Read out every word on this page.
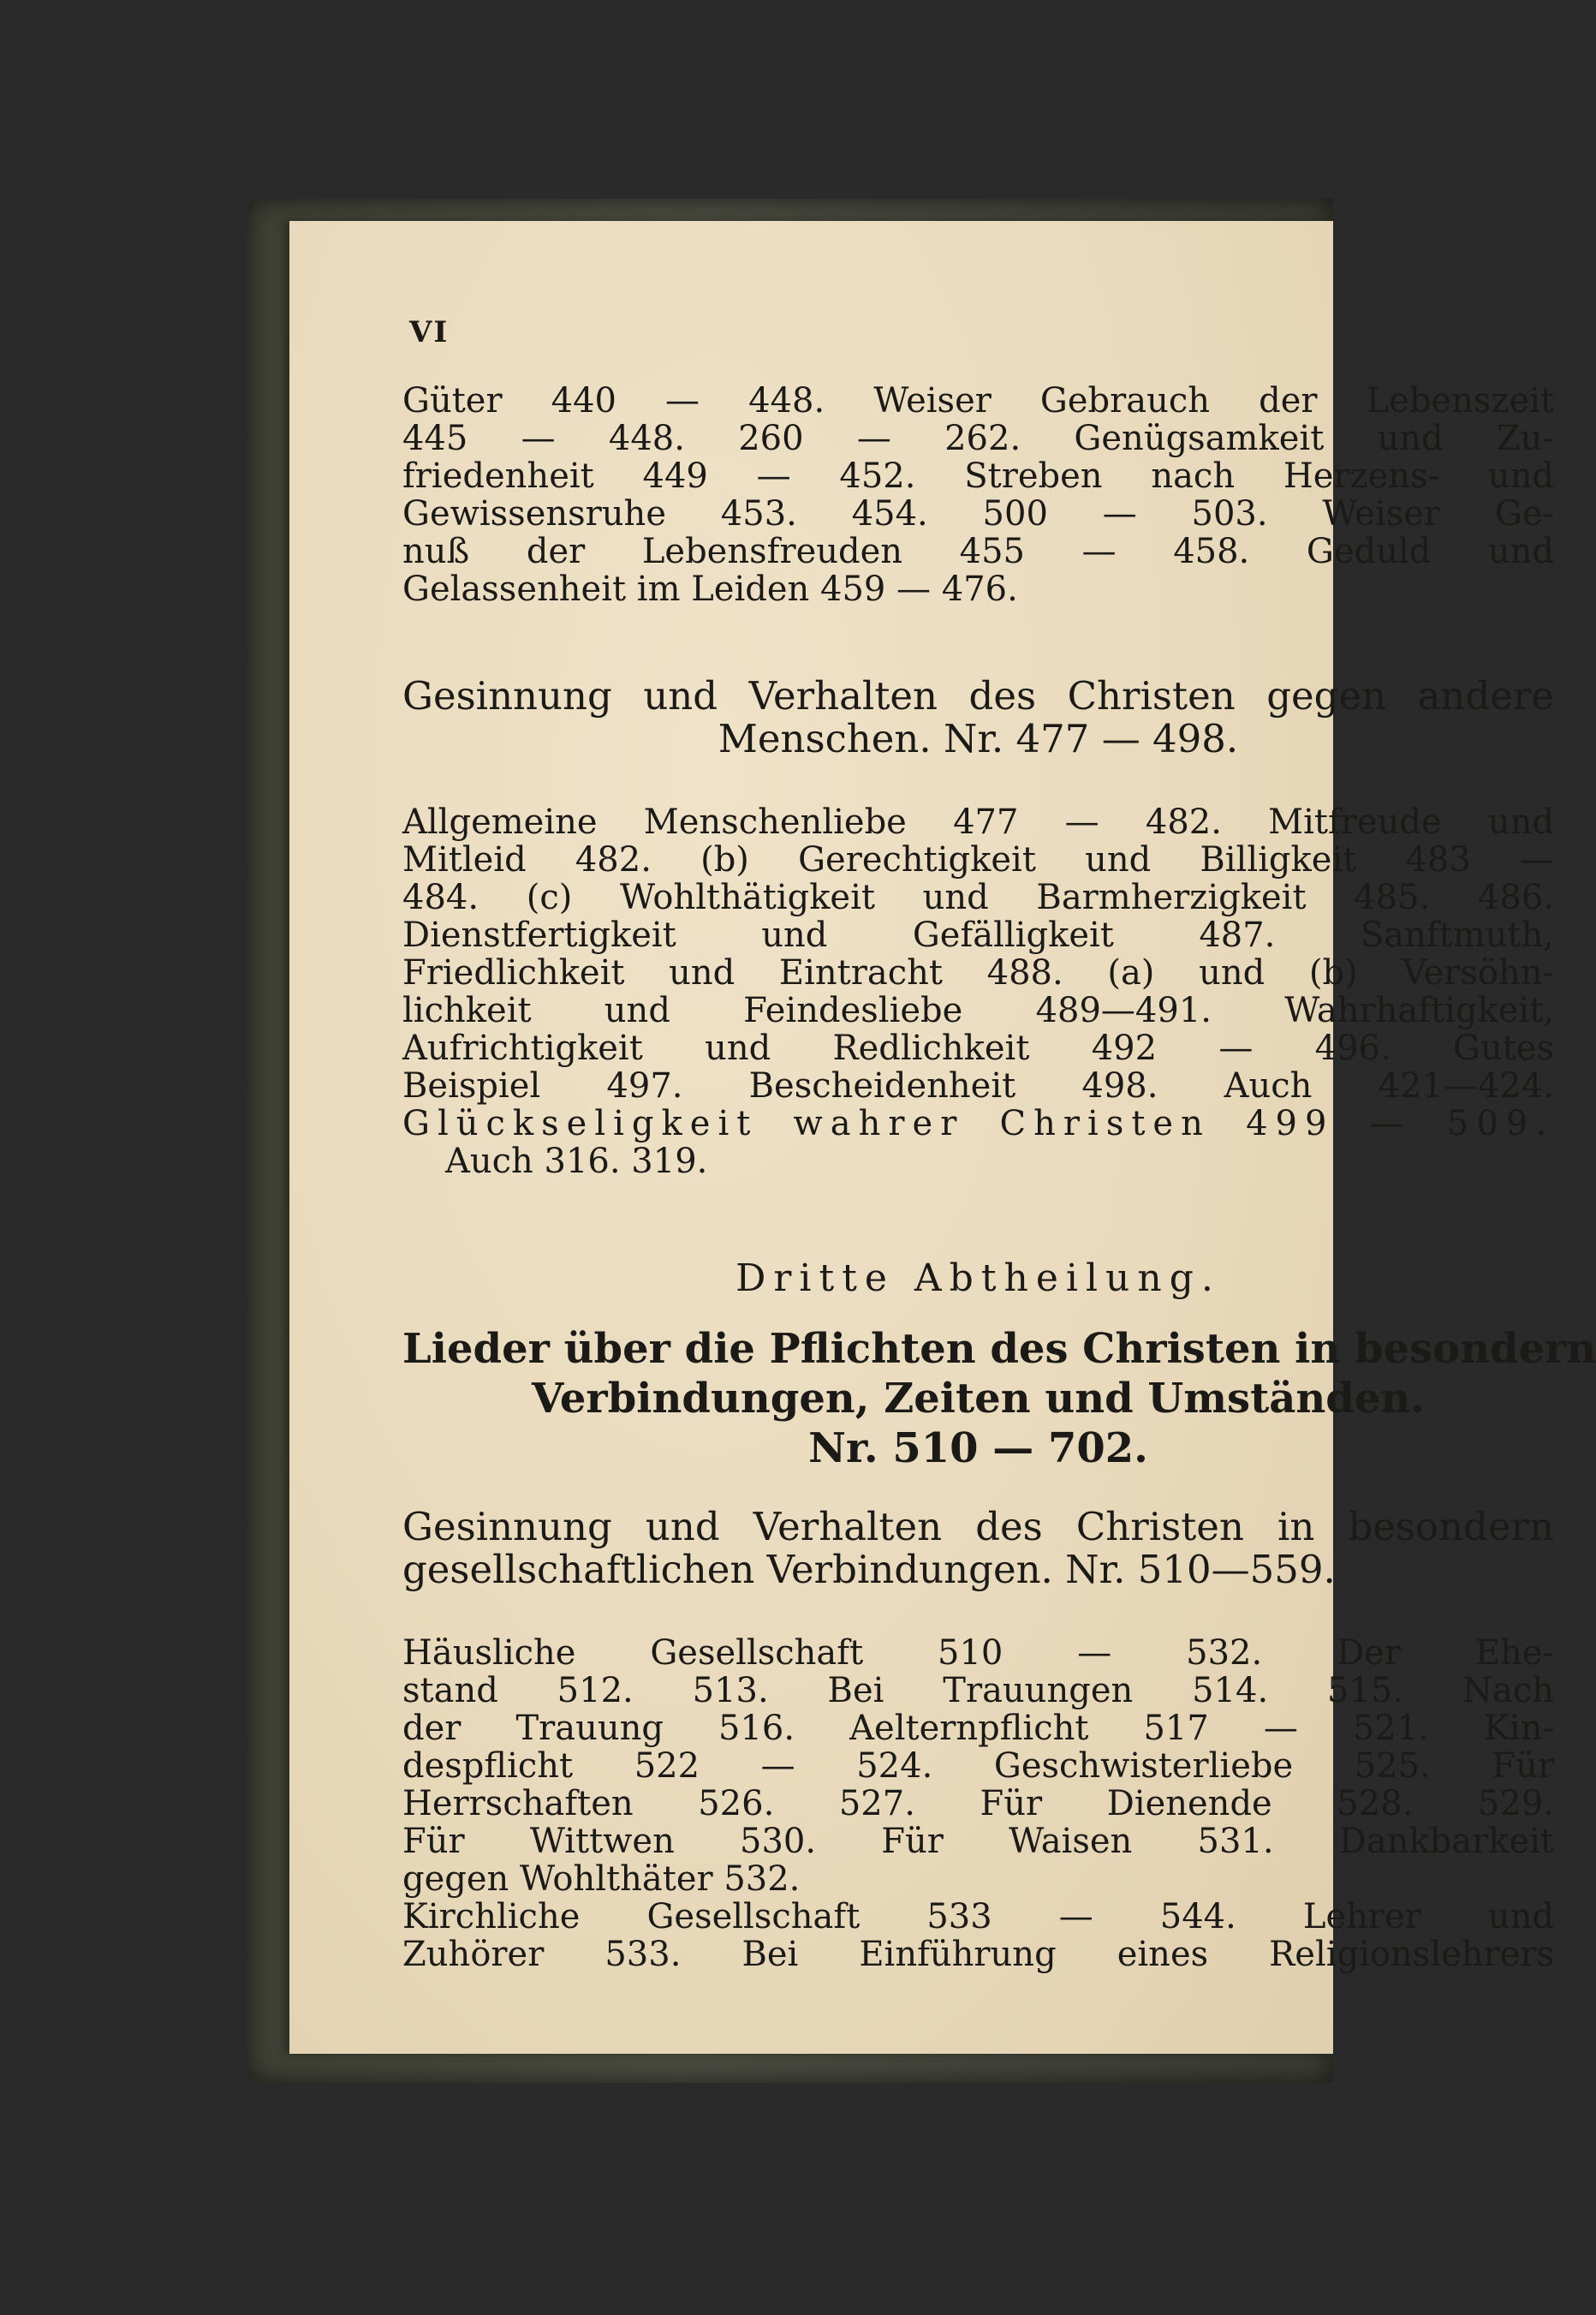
VI

Güter 440 — 448. Weiser Gebrauch der Lebenszeit

445 — 448. 260 — 262. Genügsamkeit und Zu-

friedenheit 449 — 452. Streben nach Herzens- und

Gewissensruhe 453. 454. 500 — 503. Weiser Ge-

nuß der Lebensfreuden 455 — 458. Geduld und

Gelassenheit im Leiden 459 — 476.

Gesinnung und Verhalten des Christen gegen andere

Menschen. Nr. 477 — 498.

Allgemeine Menschenliebe 477 — 482. Mitfreude und

Mitleid 482. (b) Gerechtigkeit und Billigkeit 483 —

484. (c) Wohlthätigkeit und Barmherzigkeit 485. 486.

Dienstfertigkeit und Gefälligkeit 487. Sanftmuth,

Friedlichkeit und Eintracht 488. (a) und (b) Versöhn-

lichkeit und Feindesliebe 489—491. Wahrhaftigkeit,

Aufrichtigkeit und Redlichkeit 492 — 496. Gutes

Beispiel 497. Bescheidenheit 498. Auch 421—424.

Glückseligkeit wahrer Christen 499 — 509.

Auch 316. 319.

Dritte Abtheilung.

Lieder über die Pflichten des Christen in besondern

Verbindungen, Zeiten und Umständen.

Nr. 510 — 702.

Gesinnung und Verhalten des Christen in besondern

gesellschaftlichen Verbindungen. Nr. 510—559.

Häusliche Gesellschaft 510 — 532. Der Ehe-

stand 512. 513. Bei Trauungen 514. 515. Nach

der Trauung 516. Aelternpflicht 517 — 521. Kin-

despflicht 522 — 524. Geschwisterliebe 525. Für

Herrschaften 526. 527. Für Dienende 528. 529.

Für Wittwen 530. Für Waisen 531. Dankbarkeit

gegen Wohlthäter 532.

Kirchliche Gesellschaft 533 — 544. Lehrer und

Zuhörer 533. Bei Einführung eines Religionslehrers
